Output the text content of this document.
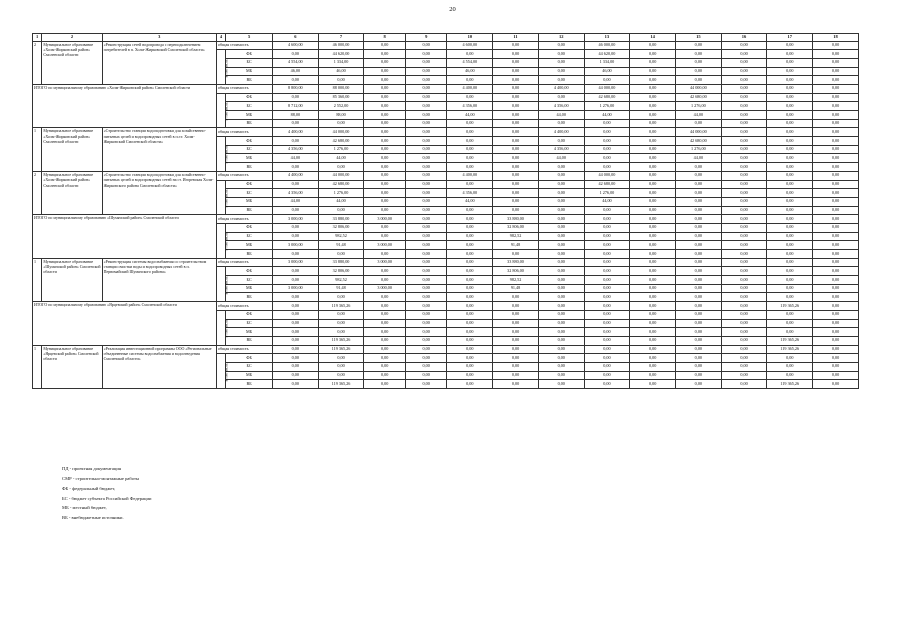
20
1	2	3	4	5	6	7	8	9	10	11	12	13	14	15	16	17	18
2	Муниципальное образование «Холм-Жирковский район» Смоленской области	«Реконструкция сетей водопровода с переподключением потребителей в п. Холм-Жирковский Смоленской области»	общая стоимость		4 600,00	46 000,00	0,00	0,00	4 600,00	0,00	0,00	46 000,00	0,00	0,00	0,00	0,00	0,00
			в том числе:	ФБ	0,00	44 620,00	0,00	0,00	0,00	0,00	0,00	44 620,00	0,00	0,00	0,00	0,00	0,00
				БС	4 554,00	1 334,00	0,00	0,00	4 554,00	0,00	0,00	1 334,00	0,00	0,00	0,00	0,00	0,00
				МБ	46,00	46,00	0,00	0,00	46,00	0,00	0,00	46,00	0,00	0,00	0,00	0,00	0,00
				ВБ	0,00	0,00	0,00	0,00	0,00	0,00	0,00	0,00	0,00	0,00	0,00	0,00	0,00
ИТОГО по муниципальному образованию «Холм-Жирковский район» Смоленской области			общая стоимость		8 800,00	88 000,00	0,00	0,00	4 400,00	0,00	4 400,00	44 000,00	0,00	44 000,00	0,00	0,00	0,00
			в том числе:	ФБ	0,00	85 360,00	0,00	0,00	0,00	0,00	0,00	42 680,00	0,00	42 680,00	0,00	0,00	0,00
				БС	8 712,00	2 552,00	0,00	0,00	4 356,00	0,00	4 356,00	1 276,00	0,00	1 276,00	0,00	0,00	0,00
				МБ	88,00	88,00	0,00	0,00	44,00	0,00	44,00	44,00	0,00	44,00	0,00	0,00	0,00
				ВБ	0,00	0,00	0,00	0,00	0,00	0,00	0,00	0,00	0,00	0,00	0,00	0,00	0,00
1	Муниципальное образование «Холм-Жирковский район» Смоленской области	«Строительство станции водоподготовки для хозяйственно-питьевых целей и водопроводных сетей в п.г.т. Холм-Жирковский Смоленской области»	общая стоимость		4 400,00	44 000,00	0,00	0,00	0,00	0,00	4 400,00	0,00	0,00	44 000,00	0,00	0,00	0,00
			в том числе:	ФБ	0,00	42 680,00	0,00	0,00	0,00	0,00	0,00	0,00	0,00	42 680,00	0,00	0,00	0,00
				БС	4 356,00	1 276,00	0,00	0,00	0,00	0,00	4 356,00	0,00	0,00	1 276,00	0,00	0,00	0,00
				МБ	44,00	44,00	0,00	0,00	0,00	0,00	44,00	0,00	0,00	44,00	0,00	0,00	0,00
				ВБ	0,00	0,00	0,00	0,00	0,00	0,00	0,00	0,00	0,00	0,00	0,00	0,00	0,00
2	Муниципальное образование «Холм-Жирковский район» Смоленской области	«Строительство станции водоподготовки для хозяйственно-питьевых целей и водопроводных сетей на ст. Игоревская Холм-Жирковского района Смоленской области»	общая стоимость		4 400,00	44 000,00	0,00	0,00	4 400,00	0,00	0,00	44 000,00	0,00	0,00	0,00	0,00	0,00
			в том числе:	ФБ	0,00	42 680,00	0,00	0,00	0,00	0,00	0,00	42 680,00	0,00	0,00	0,00	0,00	0,00
				БС	4 356,00	1 276,00	0,00	0,00	4 356,00	0,00	0,00	1 276,00	0,00	0,00	0,00	0,00	0,00
				МБ	44,00	44,00	0,00	0,00	44,00	0,00	0,00	44,00	0,00	0,00	0,00	0,00	0,00
				ВБ	0,00	0,00	0,00	0,00	0,00	0,00	0,00	0,00	0,00	0,00	0,00	0,00	0,00
ИТОГО по муниципальному образованию «Шумячский район» Смоленской области			общая стоимость		3 000,00	33 880,00	3 000,00	0,00	0,00	33 880,00	0,00	0,00	0,00	0,00	0,00	0,00	0,00
			в том числе:	ФБ	0,00	32 806,00	0,00	0,00	0,00	32 806,00	0,00	0,00	0,00	0,00	0,00	0,00	0,00
				БС	0,00	982,52	0,00	0,00	0,00	982,52	0,00	0,00	0,00	0,00	0,00	0,00	0,00
				МБ	3 000,00	91,48	3 000,00	0,00	0,00	91,48	0,00	0,00	0,00	0,00	0,00	0,00	0,00
				ВБ	0,00	0,00	0,00	0,00	0,00	0,00	0,00	0,00	0,00	0,00	0,00	0,00	0,00
1	Муниципальное образование «Шумячский район» Смоленской области	«Реконструкция системы водоснабжения со строительством станции очистки воды и водопроводных сетей в п. Первомайский Шумячского района»	общая стоимость		3 000,00	33 880,00	3 000,00	0,00	0,00	33 880,00	0,00	0,00	0,00	0,00	0,00	0,00	0,00
			в том числе:	ФБ	0,00	32 806,00	0,00	0,00	0,00	32 806,00	0,00	0,00	0,00	0,00	0,00	0,00	0,00
				БС	0,00	982,52	0,00	0,00	0,00	982,52	0,00	0,00	0,00	0,00	0,00	0,00	0,00
				МБ	3 000,00	91,48	3 000,00	0,00	0,00	91,48	0,00	0,00	0,00	0,00	0,00	0,00	0,00
				ВБ	0,00	0,00	0,00	0,00	0,00	0,00	0,00	0,00	0,00	0,00	0,00	0,00	0,00
ИТОГО по муниципальному образованию «Ярцевский район» Смоленской области			общая стоимость		0,00	119 365,26	0,00	0,00	0,00	0,00	0,00	0,00	0,00	0,00	0,00	119 365,26	0,00
			в том числе:	ФБ	0,00	0,00	0,00	0,00	0,00	0,00	0,00	0,00	0,00	0,00	0,00	0,00	0,00
				БС	0,00	0,00	0,00	0,00	0,00	0,00	0,00	0,00	0,00	0,00	0,00	0,00	0,00
				МБ	0,00	0,00	0,00	0,00	0,00	0,00	0,00	0,00	0,00	0,00	0,00	0,00	0,00
				ВБ	0,00	119 365,26	0,00	0,00	0,00	0,00	0,00	0,00	0,00	0,00	0,00	119 365,26	0,00
1	Муниципальное образование «Ярцевский район» Смоленской области	«Реализация инвестиционной программы ООО «Региональные объединенные системы водоснабжения и водоотведения Смоленской области»	общая стоимость		0,00	119 365,26	0,00	0,00	0,00	0,00	0,00	0,00	0,00	0,00	0,00	119 365,26	0,00
			в том числе:	ФБ	0,00	0,00	0,00	0,00	0,00	0,00	0,00	0,00	0,00	0,00	0,00	0,00	0,00
				БС	0,00	0,00	0,00	0,00	0,00	0,00	0,00	0,00	0,00	0,00	0,00	0,00	0,00
				МБ	0,00	0,00	0,00	0,00	0,00	0,00	0,00	0,00	0,00	0,00	0,00	0,00	0,00
				ВБ	0,00	119 365,26	0,00	0,00	0,00	0,00	0,00	0,00	0,00	0,00	0,00	119 365,26	0,00
ПД - проектная документация
СМР - строительно-монтажные работы
ФБ - федеральный бюджет,
БС - бюджет субъекта Российской Федерации
МБ - местный бюджет,
ВБ - внебюджетные источники.
